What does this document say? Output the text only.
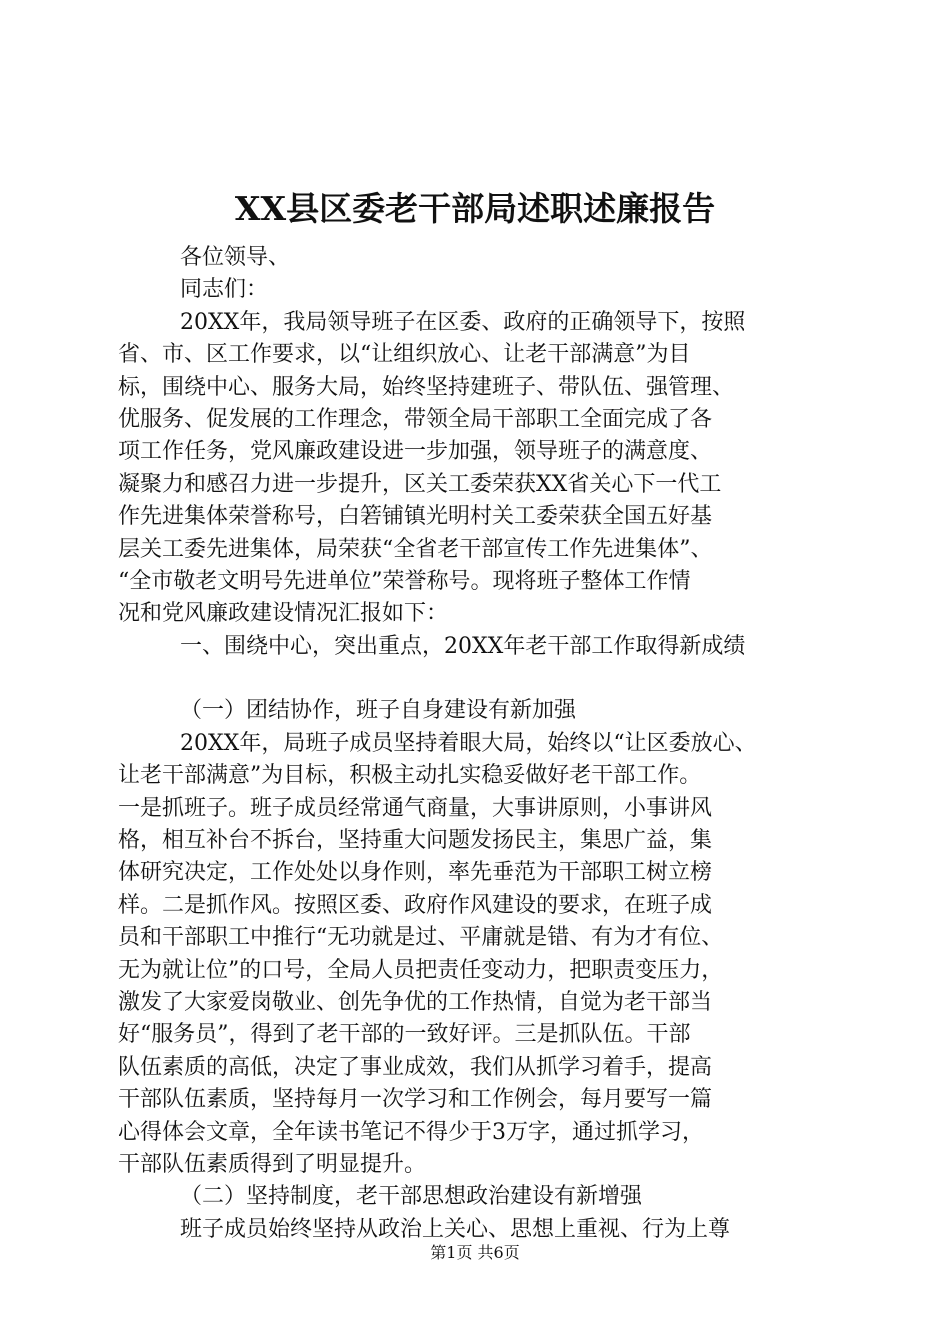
XX县区委老干部局述职述廉报告
各位领导、
同志们：
20XX年，我局领导班子在区委、政府的正确领导下，按照
省、市、区工作要求，以“让组织放心、让老干部满意”为目
标，围绕中心、服务大局，始终坚持建班子、带队伍、强管理、
优服务、促发展的工作理念，带领全局干部职工全面完成了各
项工作任务，党风廉政建设进一步加强，领导班子的满意度、
凝聚力和感召力进一步提升，区关工委荣获XX省关心下一代工
作先进集体荣誉称号，白箬铺镇光明村关工委荣获全国五好基
层关工委先进集体，局荣获“全省老干部宣传工作先进集体”、
“全市敬老文明号先进单位”荣誉称号。现将班子整体工作情
况和党风廉政建设情况汇报如下：
一、围绕中心，突出重点，20XX年老干部工作取得新成绩
（一）团结协作，班子自身建设有新加强
20XX年，局班子成员坚持着眼大局，始终以“让区委放心、
让老干部满意”为目标，积极主动扎实稳妥做好老干部工作。
一是抓班子。班子成员经常通气商量，大事讲原则，小事讲风
格，相互补台不拆台，坚持重大问题发扬民主，集思广益，集
体研究决定，工作处处以身作则，率先垂范为干部职工树立榜
样。二是抓作风。按照区委、政府作风建设的要求，在班子成
员和干部职工中推行“无功就是过、平庸就是错、有为才有位、
无为就让位”的口号，全局人员把责任变动力，把职责变压力，
激发了大家爱岗敬业、创先争优的工作热情，自觉为老干部当
好“服务员”，得到了老干部的一致好评。三是抓队伍。干部
队伍素质的高低，决定了事业成效，我们从抓学习着手，提高
干部队伍素质，坚持每月一次学习和工作例会，每月要写一篇
心得体会文章，全年读书笔记不得少于3万字，通过抓学习，
干部队伍素质得到了明显提升。
（二）坚持制度，老干部思想政治建设有新增强
班子成员始终坚持从政治上关心、思想上重视、行为上尊
第1页 共6页
